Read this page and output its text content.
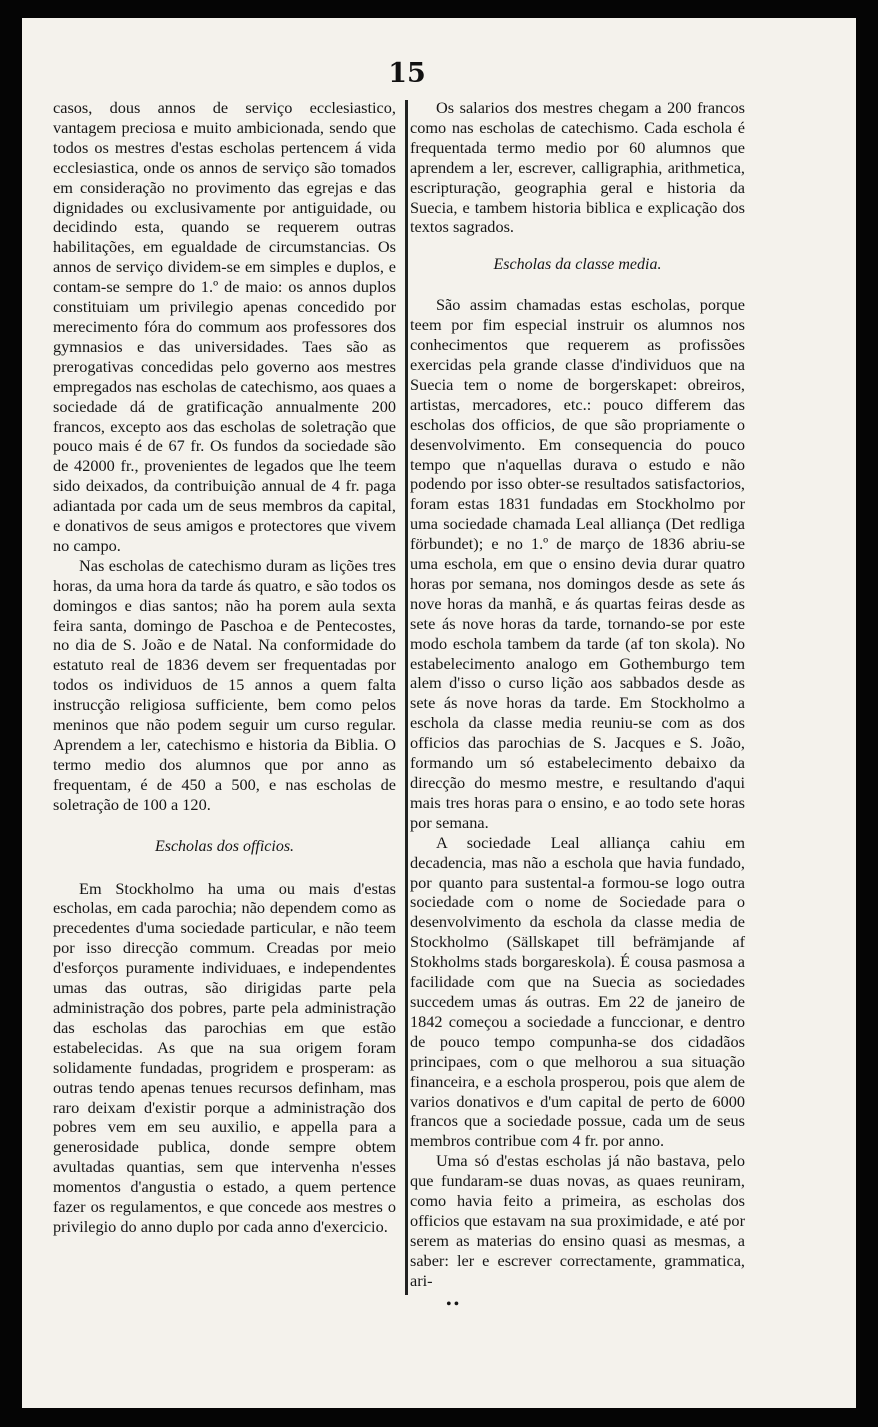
15

casos, dous annos de serviço ecclesiastico, vantagem preciosa e muito ambicionada, sendo que todos os mestres d'estas escholas pertencem á vida ecclesiastica, onde os annos de serviço são tomados em consideração no provimento das egrejas e das dignidades ou exclusivamente por antiguidade, ou decidindo esta, quando se requerem outras habilitações, em egualdade de circumstancias. Os annos de serviço dividem-se em simples e duplos, e contam-se sempre do 1.º de maio: os annos duplos constituiam um privilegio apenas concedido por merecimento fóra do commum aos professores dos gymnasios e das universidades. Taes são as prerogativas concedidas pelo governo aos mestres empregados nas escholas de catechismo, aos quaes a sociedade dá de gratificação annualmente 200 francos, excepto aos das escholas de soletração que pouco mais é de 67 fr. Os fundos da sociedade são de 42000 fr., provenientes de legados que lhe teem sido deixados, da contribuição annual de 4 fr. paga adiantada por cada um de seus membros da capital, e donativos de seus amigos e protectores que vivem no campo.

Nas escholas de catechismo duram as lições tres horas, da uma hora da tarde ás quatro, e são todos os domingos e dias santos; não ha porem aula sexta feira santa, domingo de Paschoa e de Pentecostes, no dia de S. João e de Natal. Na conformidade do estatuto real de 1836 devem ser frequentadas por todos os individuos de 15 annos a quem falta instrucção religiosa sufficiente, bem como pelos meninos que não podem seguir um curso regular. Aprendem a ler, catechismo e historia da Biblia. O termo medio dos alumnos que por anno as frequentam, é de 450 a 500, e nas escholas de soletração de 100 a 120.

Escholas dos officios.

Em Stockholmo ha uma ou mais d'estas escholas, em cada parochia; não dependem como as precedentes d'uma sociedade particular, e não teem por isso direcção commum. Creadas por meio d'esforços puramente individuaes, e independentes umas das outras, são dirigidas parte pela administração dos pobres, parte pela administração das escholas das parochias em que estão estabelecidas. As que na sua origem foram solidamente fundadas, progridem e prosperam: as outras tendo apenas tenues recursos definham, mas raro deixam d'existir porque a administração dos pobres vem em seu auxilio, e appella para a generosidade publica, donde sempre obtem avultadas quantias, sem que intervenha n'esses momentos d'angustia o estado, a quem pertence fazer os regulamentos, e que concede aos mestres o privilegio do anno duplo por cada anno d'exercicio.

Os salarios dos mestres chegam a 200 francos como nas escholas de catechismo. Cada eschola é frequentada termo medio por 60 alumnos que aprendem a ler, escrever, calligraphia, arithmetica, escripturação, geographia geral e historia da Suecia, e tambem historia biblica e explicação dos textos sagrados.

Escholas da classe media.

São assim chamadas estas escholas, porque teem por fim especial instruir os alumnos nos conhecimentos que requerem as profissões exercidas pela grande classe d'individuos que na Suecia tem o nome de borgerskapet: obreiros, artistas, mercadores, etc.: pouco differem das escholas dos officios, de que são propriamente o desenvolvimento. Em consequencia do pouco tempo que n'aquellas durava o estudo e não podendo por isso obter-se resultados satisfactorios, foram estas 1831 fundadas em Stockholmo por uma sociedade chamada Leal alliança (Det redliga förbundet); e no 1.º de março de 1836 abriu-se uma eschola, em que o ensino devia durar quatro horas por semana, nos domingos desde as sete ás nove horas da manhã, e ás quartas feiras desde as sete ás nove horas da tarde, tornando-se por este modo eschola tambem da tarde (af ton skola). No estabelecimento analogo em Gothemburgo tem alem d'isso o curso lição aos sabbados desde as sete ás nove horas da tarde. Em Stockholmo a eschola da classe media reuniu-se com as dos officios das parochias de S. Jacques e S. João, formando um só estabelecimento debaixo da direcção do mesmo mestre, e resultando d'aqui mais tres horas para o ensino, e ao todo sete horas por semana.

A sociedade Leal alliança cahiu em decadencia, mas não a eschola que havia fundado, por quanto para sustental-a formou-se logo outra sociedade com o nome de Sociedade para o desenvolvimento da eschola da classe media de Stockholmo (Sällskapet till befrämjande af Stokholms stads borgareskola). É cousa pasmosa a facilidade com que na Suecia as sociedades succedem umas ás outras. Em 22 de janeiro de 1842 começou a sociedade a funccionar, e dentro de pouco tempo compunha-se dos cidadãos principaes, com o que melhorou a sua situação financeira, e a eschola prosperou, pois que alem de varios donativos e d'um capital de perto de 6000 francos que a sociedade possue, cada um de seus membros contribue com 4 fr. por anno.

Uma só d'estas escholas já não bastava, pelo que fundaram-se duas novas, as quaes reuniram, como havia feito a primeira, as escholas dos officios que estavam na sua proximidade, e até por serem as materias do ensino quasi as mesmas, a saber: ler e escrever correctamente, grammatica, ari-

••
